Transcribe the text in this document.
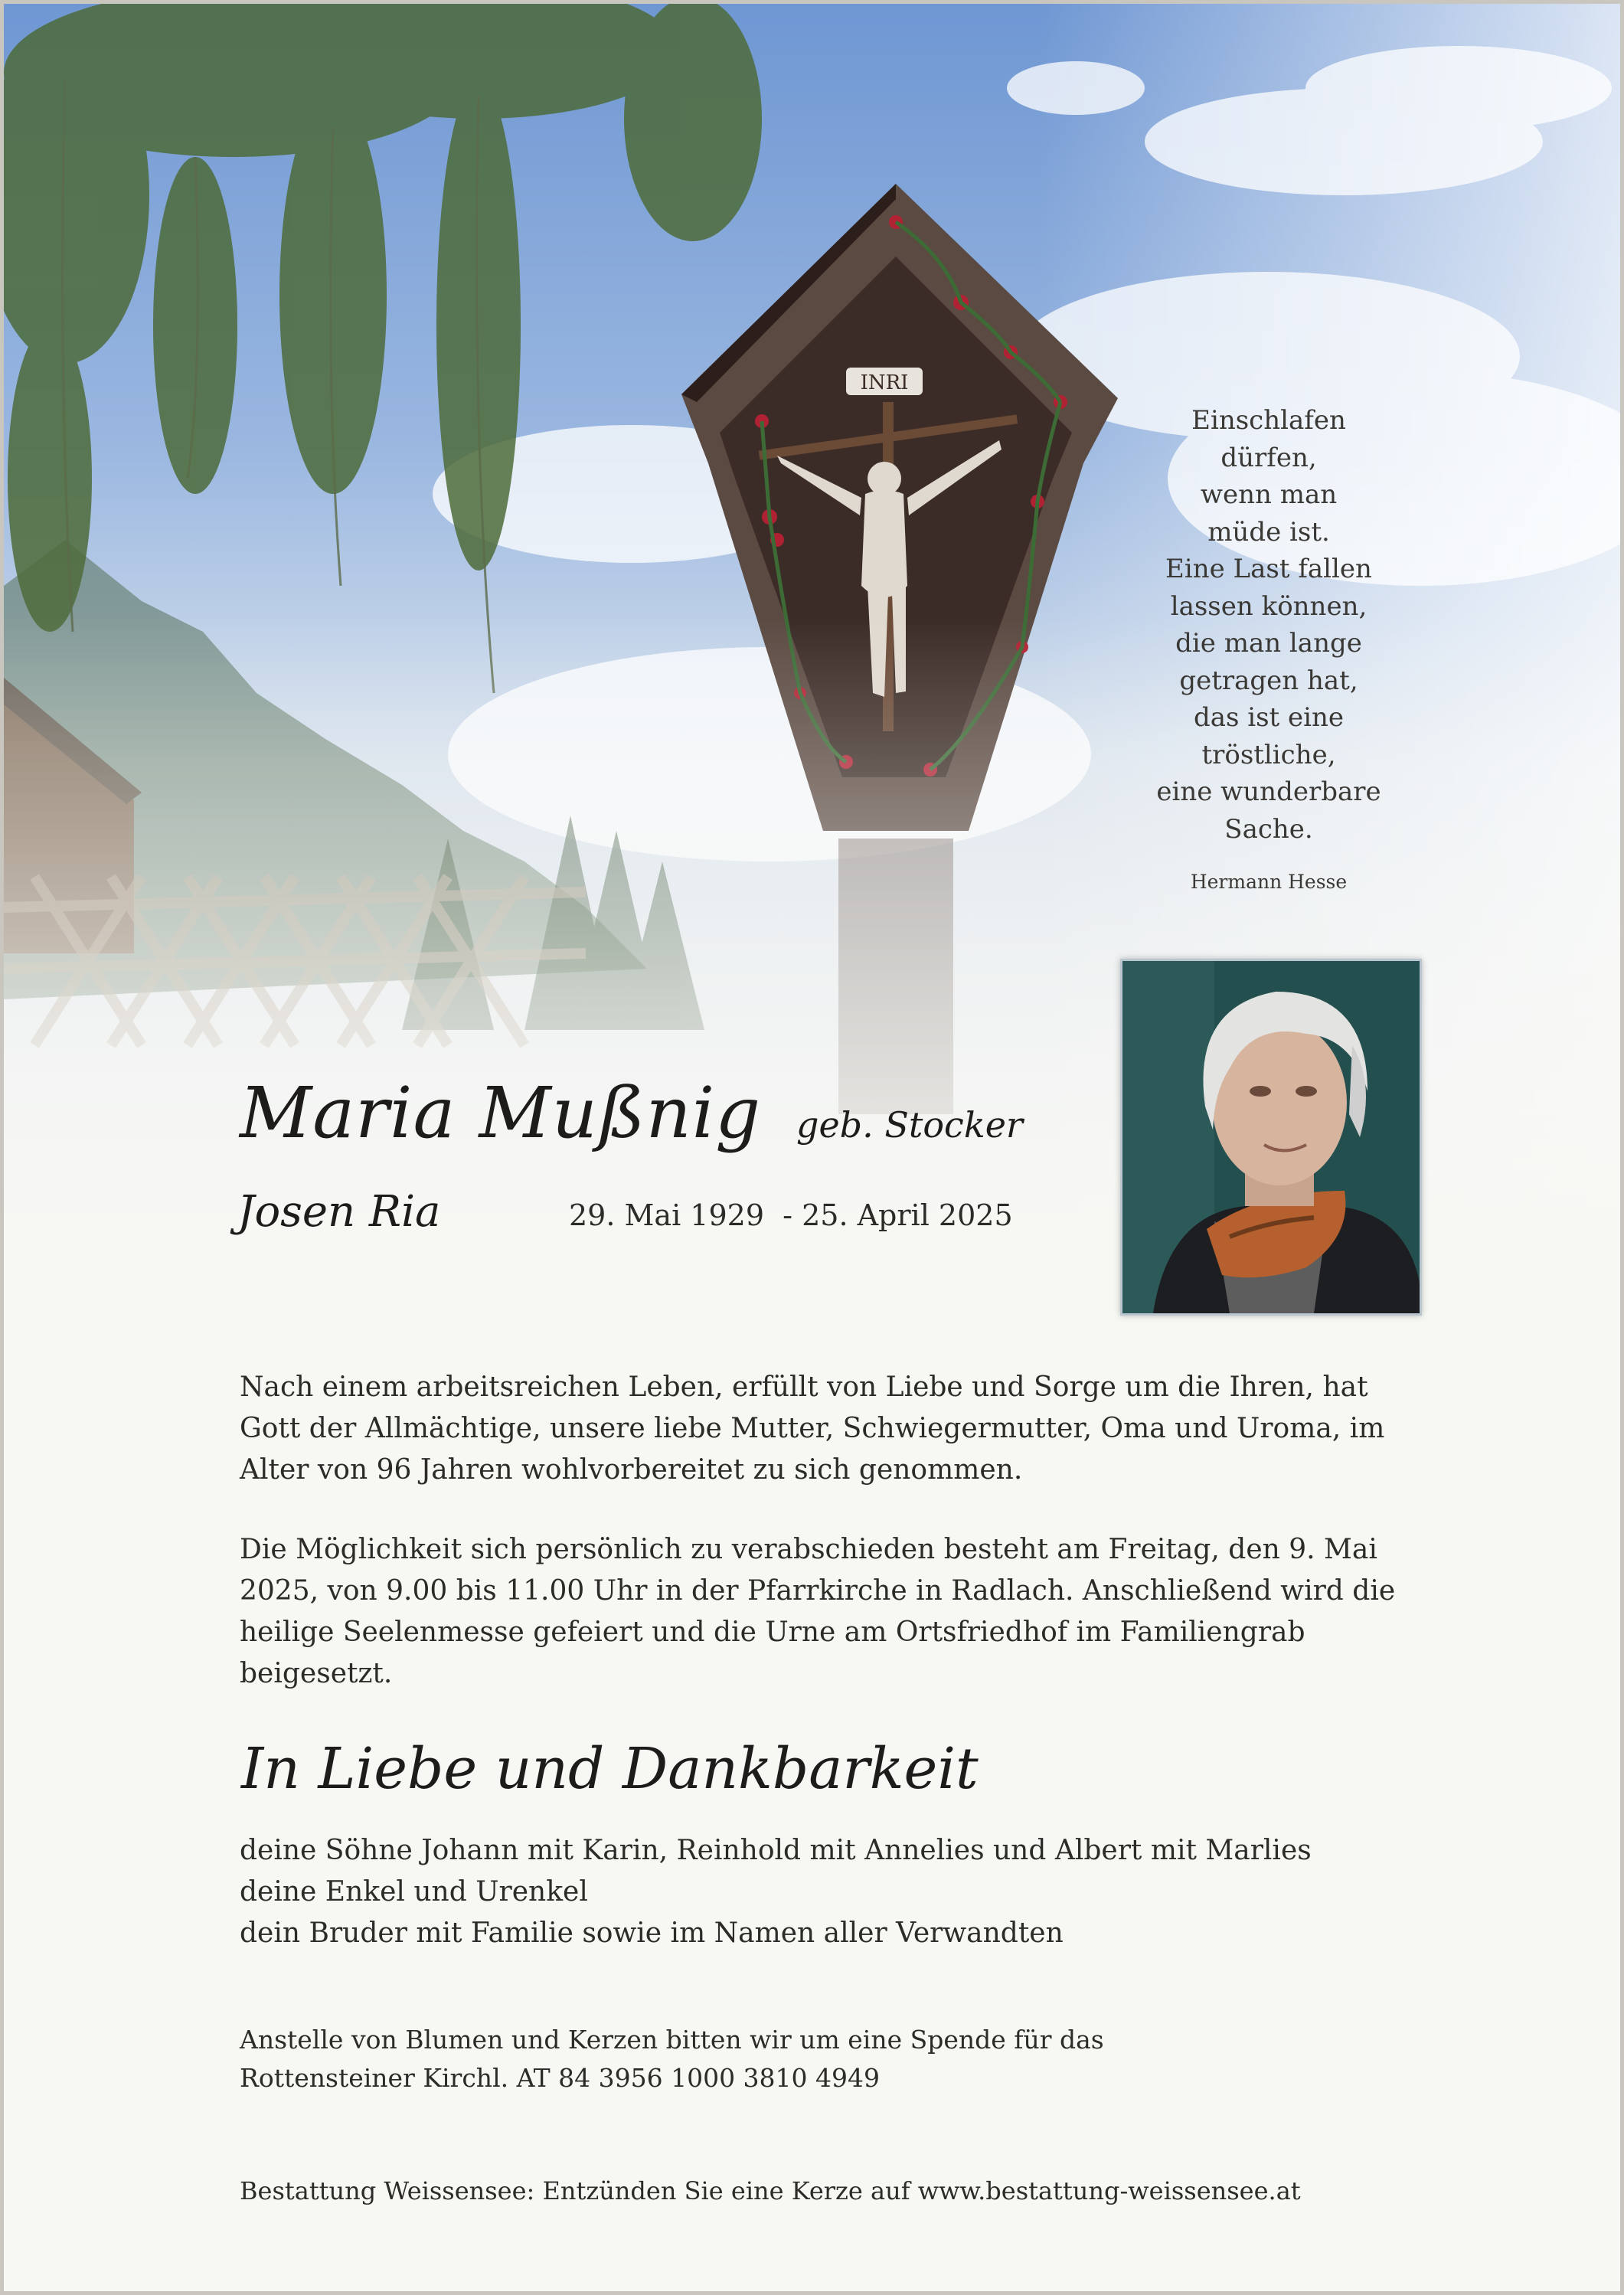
INRI
Einschlafen
dürfen,
wenn man
müde ist.
Eine Last fallen
lassen können,
die man lange
getragen hat,
das ist eine
tröstliche,
eine wunderbare
Sache.
Hermann Hesse
Maria Mußnig geb. Stocker
Josen Ria	29. Mai 1929  - 25. April 2025

Nach einem arbeitsreichen Leben, erfüllt von Liebe und Sorge um die Ihren, hat Gott der Allmächtige, unsere liebe Mutter, Schwiegermutter, Oma und Uroma, im Alter von 96 Jahren wohlvorbereitet zu sich genommen.

Die Möglichkeit sich persönlich zu verabschieden besteht am Freitag, den 9. Mai 2025, von 9.00 bis 11.00 Uhr in der Pfarrkirche in Radlach. Anschließend wird die heilige Seelenmesse gefeiert und die Urne am Ortsfriedhof im Familiengrab beigesetzt.

In Liebe und Dankbarkeit
deine Söhne Johann mit Karin, Reinhold mit Annelies und Albert mit Marlies
deine Enkel und Urenkel
dein Bruder mit Familie sowie im Namen aller Verwandten
Anstelle von Blumen und Kerzen bitten wir um eine Spende für das
Rottensteiner Kirchl. AT 84 3956 1000 3810 4949
Bestattung Weissensee: Entzünden Sie eine Kerze auf www.bestattung-weissensee.at
